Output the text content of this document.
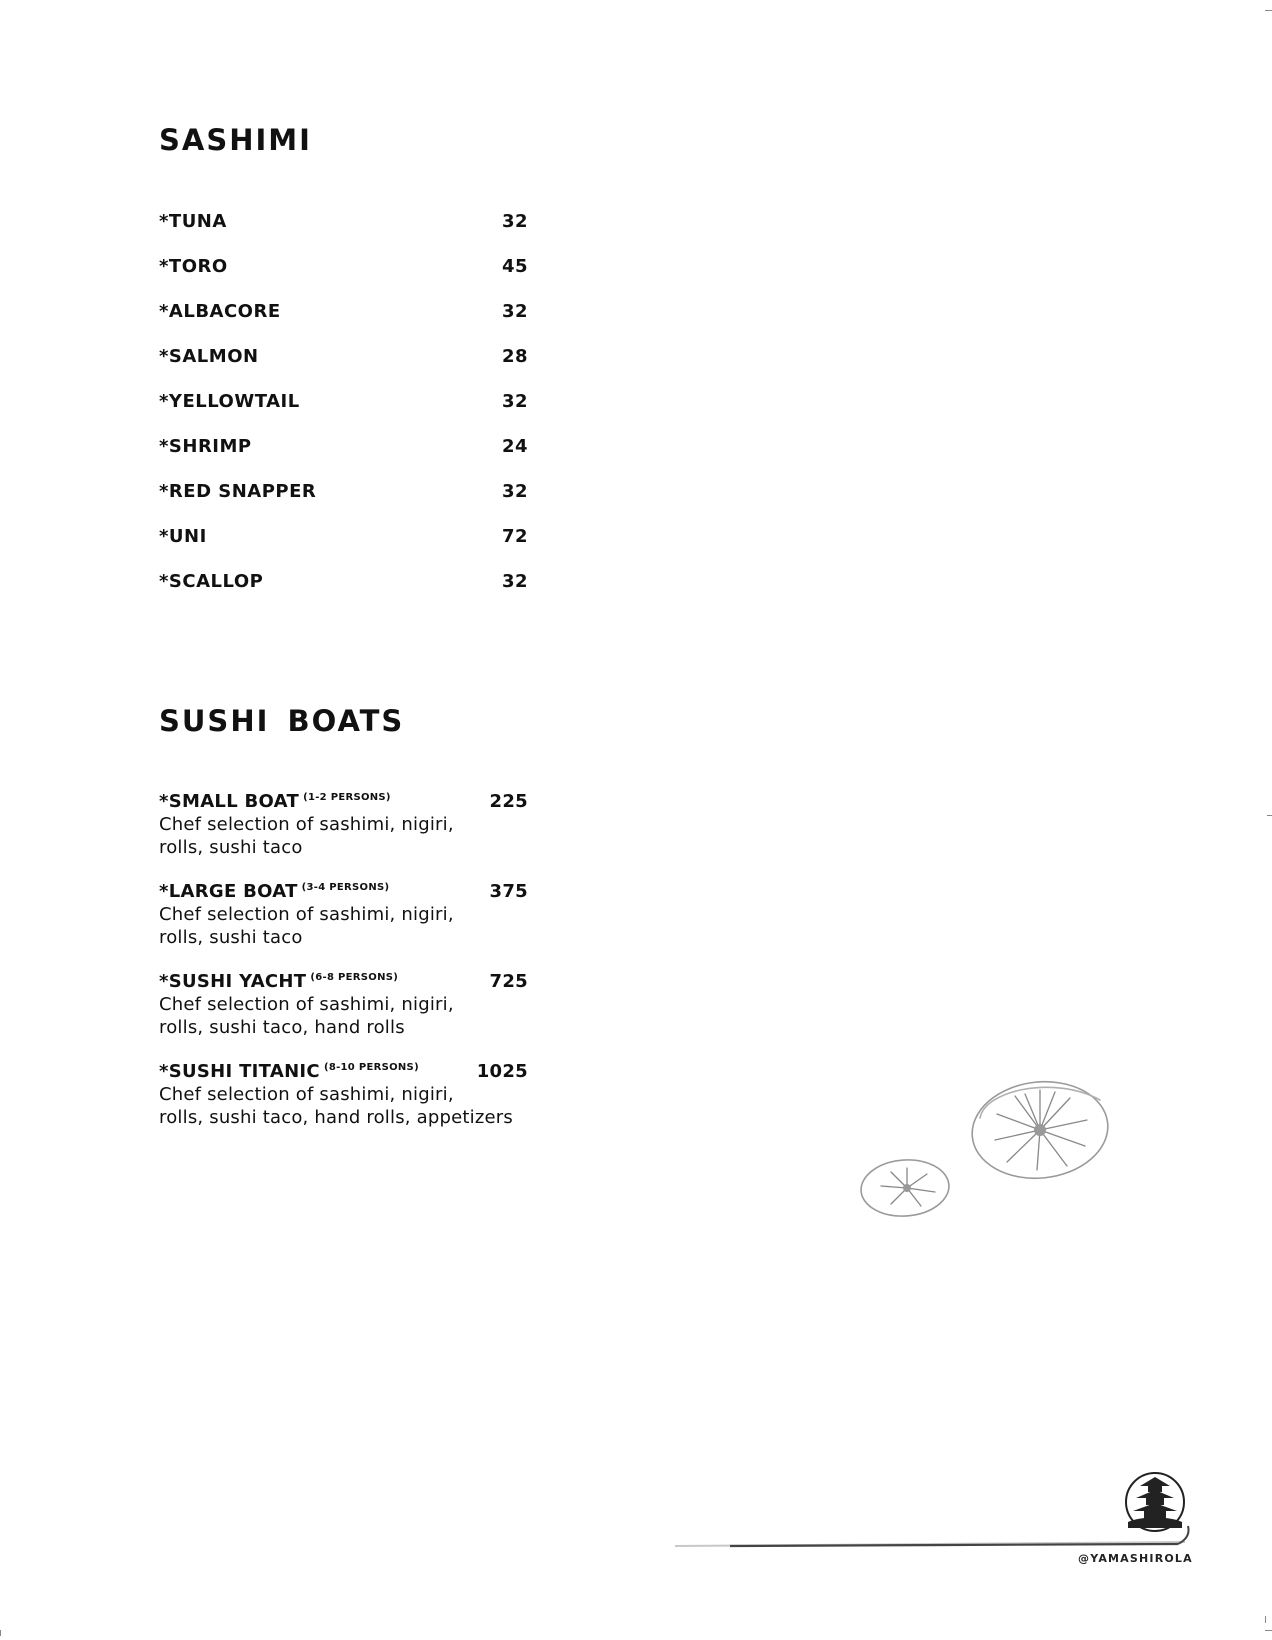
SASHIMI
*TUNA	32
*TORO	45
*ALBACORE	32
*SALMON	28
*YELLOWTAIL	32
*SHRIMP	24
*RED SNAPPER	32
*UNI	72
*SCALLOP	32
SUSHI BOATS
*SMALL BOAT $^{(1-2 PERSONS)}$	225
Chef selection of sashimi, nigiri,
rolls, sushi taco
*LARGE BOAT $^{(3-4 PERSONS)}$	375
Chef selection of sashimi, nigiri,
rolls, sushi taco
*SUSHI YACHT $^{(6-8 PERSONS)}$	725
Chef selection of sashimi, nigiri,
rolls, sushi taco, hand rolls
*SUSHI TITANIC $^{(8-10 PERSONS)}$	1025
Chef selection of sashimi, nigiri,
rolls, sushi taco, hand rolls, appetizers
@YAMASHIROLA
